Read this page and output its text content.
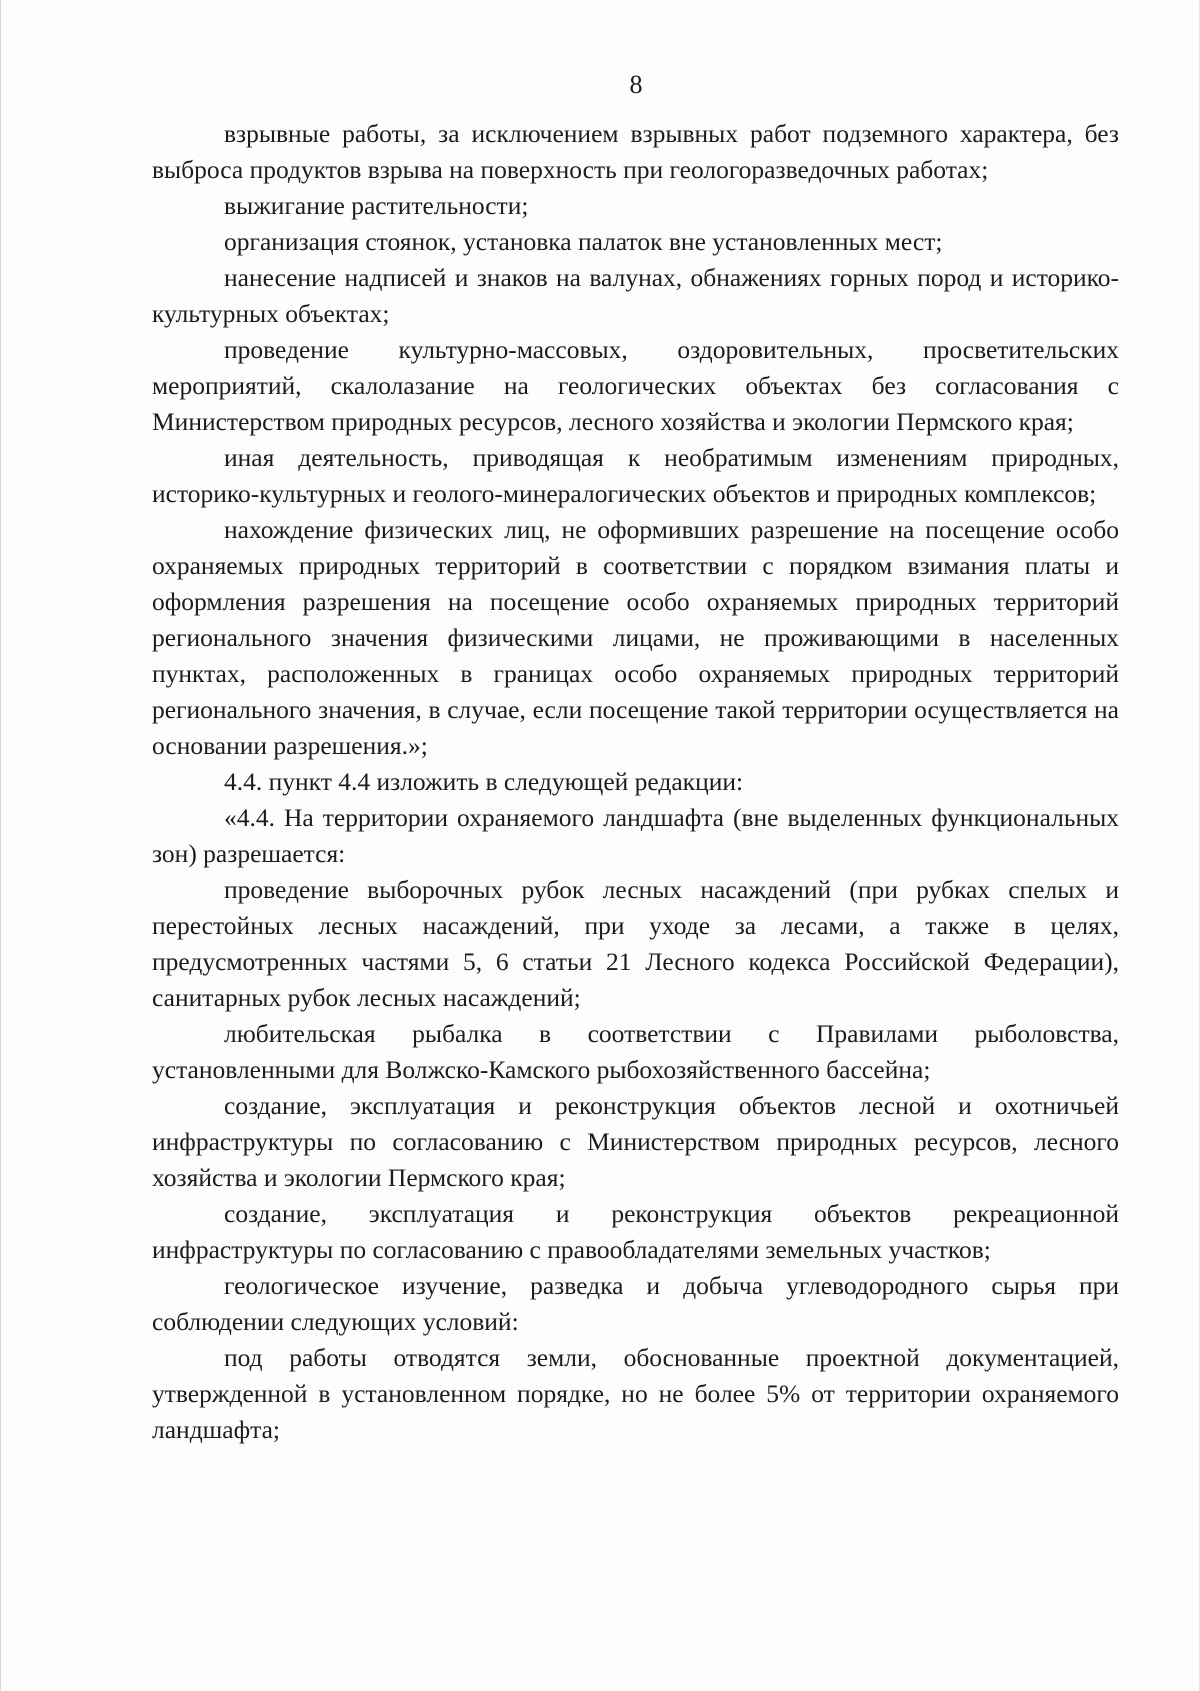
8

взрывные работы, за исключением взрывных работ подземного характера, без выброса продуктов взрыва на поверхность при геологоразведочных работах;

выжигание растительности;

организация стоянок, установка палаток вне установленных мест;

нанесение надписей и знаков на валунах, обнажениях горных пород и историко-культурных объектах;

проведение культурно-массовых, оздоровительных, просветительских мероприятий, скалолазание на геологических объектах без согласования с Министерством природных ресурсов, лесного хозяйства и экологии Пермского края;

иная деятельность, приводящая к необратимым изменениям природных, историко-культурных и геолого-минералогических объектов и природных комплексов;

нахождение физических лиц, не оформивших разрешение на посещение особо охраняемых природных территорий в соответствии с порядком взимания платы и оформления разрешения на посещение особо охраняемых природных территорий регионального значения физическими лицами, не проживающими в населенных пунктах, расположенных в границах особо охраняемых природных территорий регионального значения, в случае, если посещение такой территории осуществляется на основании разрешения.»;

4.4. пункт 4.4 изложить в следующей редакции:

«4.4. На территории охраняемого ландшафта (вне выделенных функциональных зон) разрешается:

проведение выборочных рубок лесных насаждений (при рубках спелых и перестойных лесных насаждений, при уходе за лесами, а также в целях, предусмотренных частями 5, 6 статьи 21 Лесного кодекса Российской Федерации), санитарных рубок лесных насаждений;

любительская рыбалка в соответствии с Правилами рыболовства, установленными для Волжско-Камского рыбохозяйственного бассейна;

создание, эксплуатация и реконструкция объектов лесной и охотничьей инфраструктуры по согласованию с Министерством природных ресурсов, лесного хозяйства и экологии Пермского края;

создание, эксплуатация и реконструкция объектов рекреационной инфраструктуры по согласованию с правообладателями земельных участков;

геологическое изучение, разведка и добыча углеводородного сырья при соблюдении следующих условий:

под работы отводятся земли, обоснованные проектной документацией, утвержденной в установленном порядке, но не более 5% от территории охраняемого ландшафта;
